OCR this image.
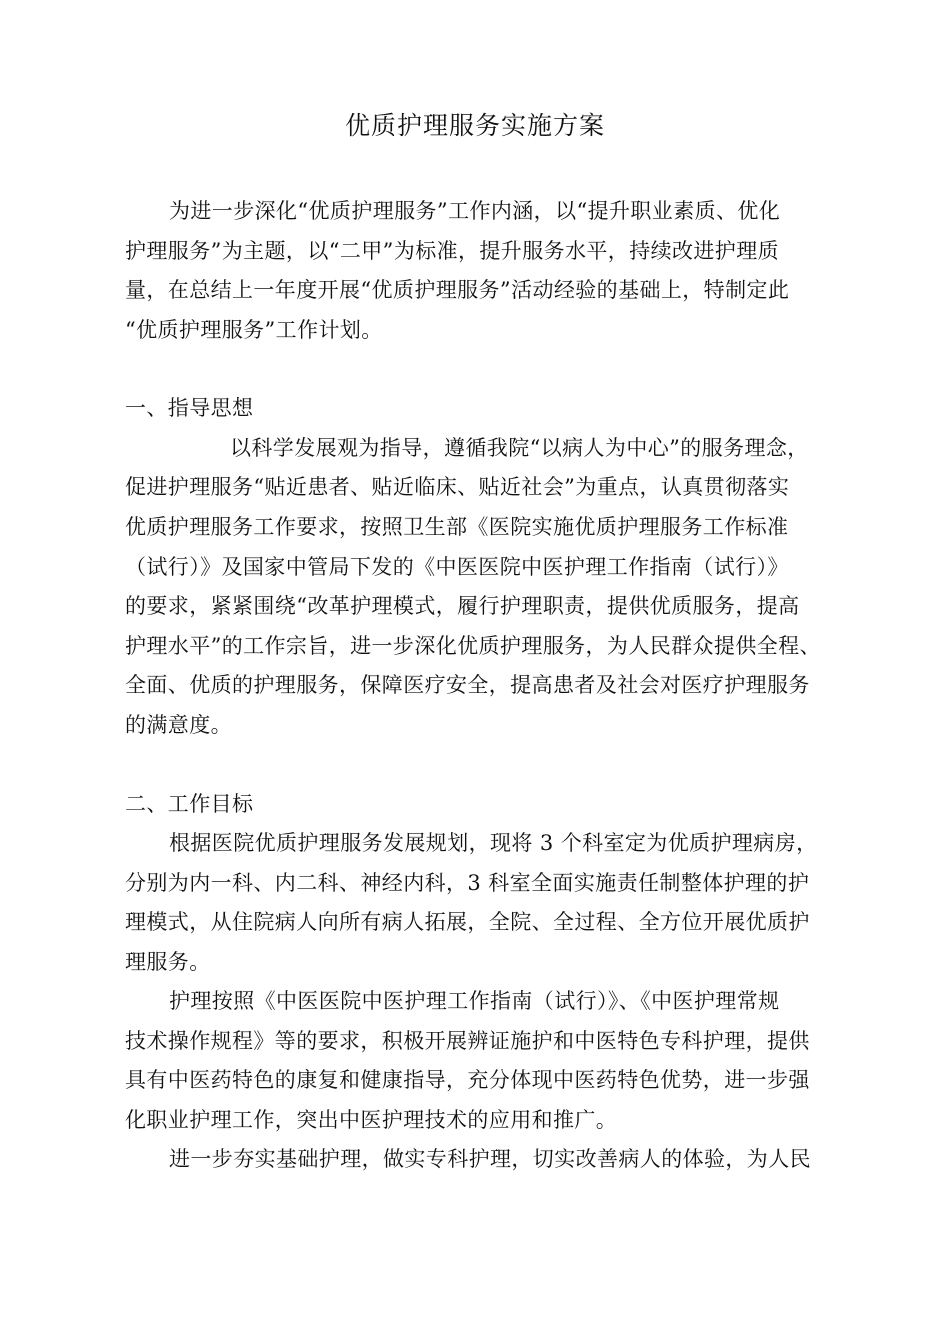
优质护理服务实施方案
为进一步深化“优质护理服务”工作内涵，以“提升职业素质、优化
护理服务”为主题，以“二甲”为标准，提升服务水平，持续改进护理质
量，在总结上一年度开展“优质护理服务”活动经验的基础上，特制定此
“优质护理服务”工作计划。
一、指导思想
以科学发展观为指导，遵循我院“以病人为中心”的服务理念，
促进护理服务“贴近患者、贴近临床、贴近社会”为重点，认真贯彻落实
优质护理服务工作要求，按照卫生部《医院实施优质护理服务工作标准
（试行）》及国家中管局下发的《中医医院中医护理工作指南（试行）》
的要求，紧紧围绕“改革护理模式，履行护理职责，提供优质服务，提高
护理水平”的工作宗旨，进一步深化优质护理服务，为人民群众提供全程、
全面、优质的护理服务，保障医疗安全，提高患者及社会对医疗护理服务
的满意度。
二、工作目标
根据医院优质护理服务发展规划，现将 3 个科室定为优质护理病房，
分别为内一科、内二科、神经内科，3 科室全面实施责任制整体护理的护
理模式，从住院病人向所有病人拓展，全院、全过程、全方位开展优质护
理服务。
护理按照《中医医院中医护理工作指南（试行）》、《中医护理常规
技术操作规程》等的要求，积极开展辨证施护和中医特色专科护理，提供
具有中医药特色的康复和健康指导，充分体现中医药特色优势，进一步强
化职业护理工作，突出中医护理技术的应用和推广。
进一步夯实基础护理，做实专科护理，切实改善病人的体验，为人民
